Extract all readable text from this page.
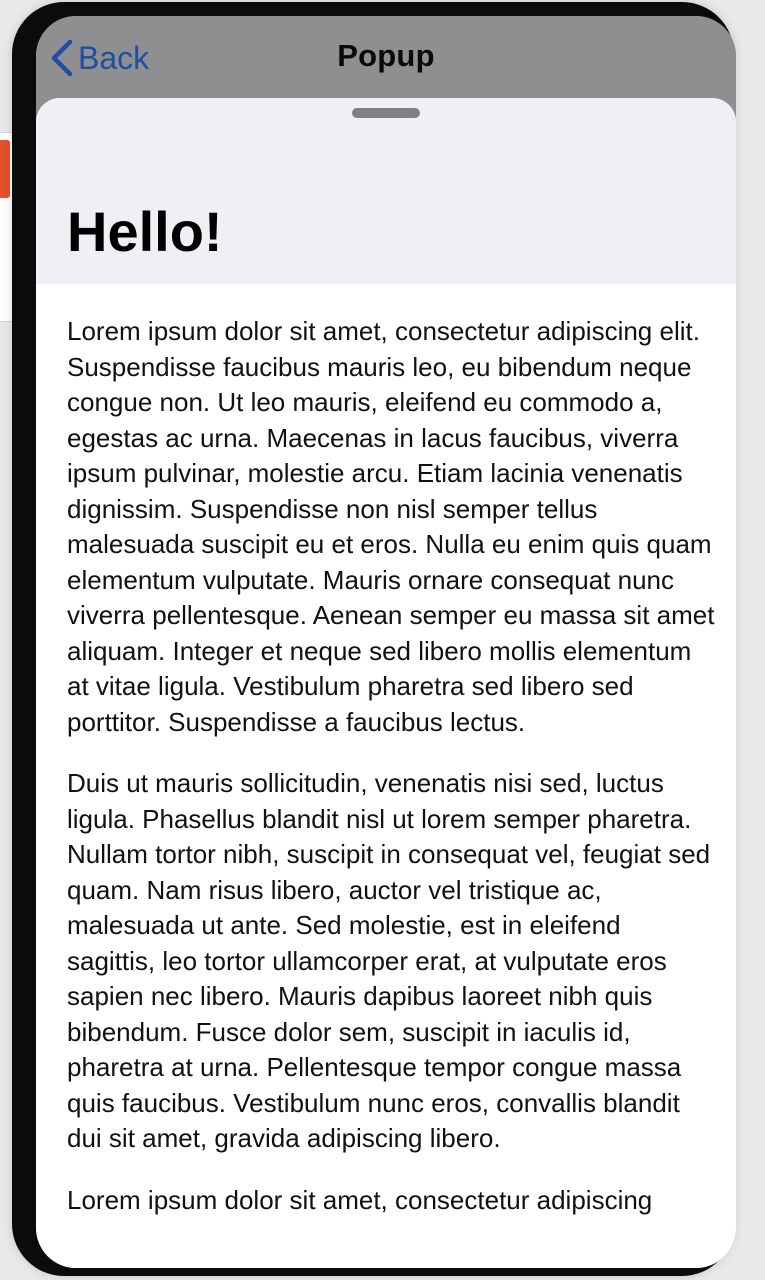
Back	Popup
Hello!

Lorem ipsum dolor sit amet, consectetur adipiscing elit. Suspendisse faucibus mauris leo, eu bibendum neque congue non. Ut leo mauris, eleifend eu commodo a, egestas ac urna. Maecenas in lacus faucibus, viverra ipsum pulvinar, molestie arcu. Etiam lacinia venenatis dignissim. Suspendisse non nisl semper tellus malesuada suscipit eu et eros. Nulla eu enim quis quam elementum vulputate. Mauris ornare consequat nunc viverra pellentesque. Aenean semper eu massa sit amet aliquam. Integer et neque sed libero mollis elementum at vitae ligula. Vestibulum pharetra sed libero sed porttitor. Suspendisse a faucibus lectus.

Duis ut mauris sollicitudin, venenatis nisi sed, luctus ligula. Phasellus blandit nisl ut lorem semper pharetra. Nullam tortor nibh, suscipit in consequat vel, feugiat sed quam. Nam risus libero, auctor vel tristique ac, malesuada ut ante. Sed molestie, est in eleifend sagittis, leo tortor ullamcorper erat, at vulputate eros sapien nec libero. Mauris dapibus laoreet nibh quis bibendum. Fusce dolor sem, suscipit in iaculis id, pharetra at urna. Pellentesque tempor congue massa quis faucibus. Vestibulum nunc eros, convallis blandit dui sit amet, gravida adipiscing libero.

Lorem ipsum dolor sit amet, consectetur adipiscing
